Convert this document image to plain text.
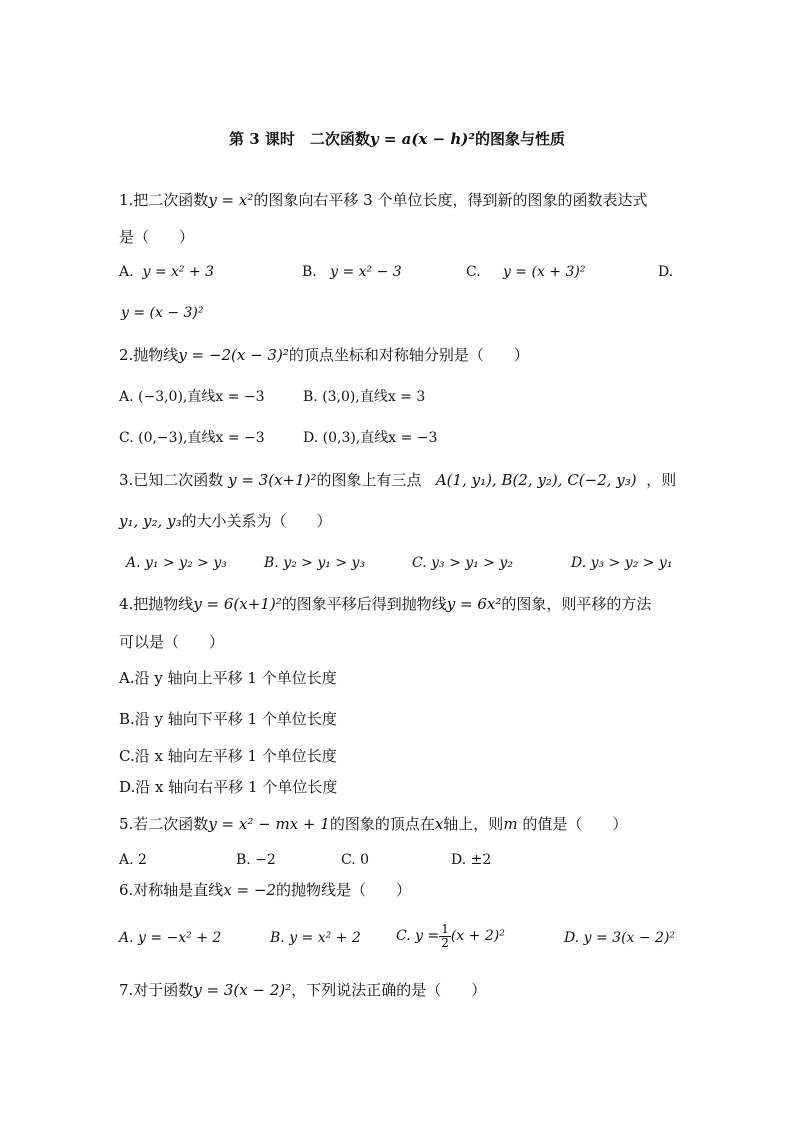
第 3 课时　二次函数y = a(x − h)²的图象与性质
1.把二次函数y = x²的图象向右平移 3 个单位长度，得到新的图象的函数表达式
是（　　）
A. y = x² + 3	B. y = x² − 3	C. y = (x + 3)²	D.
y = (x − 3)²
2.抛物线y = −2(x − 3)²的顶点坐标和对称轴分别是（　　）
A. (−3,0),直线x = −3	B. (3,0),直线x = 3
C. (0,−3),直线x = −3	D. (0,3),直线x = −3
3.已知二次函数 y = 3(x+1)²的图象上有三点 A(1, y₁), B(2, y₂), C(−2, y₃) ，则
y₁, y₂, y₃的大小关系为（　　）
A. y₁ > y₂ > y₃	B. y₂ > y₁ > y₃	C. y₃ > y₁ > y₂	D. y₃ > y₂ > y₁
4.把抛物线y = 6(x+1)²的图象平移后得到抛物线y = 6x²的图象，则平移的方法
可以是（　　）
A.沿 y 轴向上平移 1 个单位长度
B.沿 y 轴向下平移 1 个单位长度
C.沿 x 轴向左平移 1 个单位长度
D.沿 x 轴向右平移 1 个单位长度
5.若二次函数y = x² − mx + 1的图象的顶点在x轴上，则m 的值是（　　）
A. 2	B. −2	C. 0	D. ±2
6.对称轴是直线x = −2的抛物线是（　　）
A. y = −x² + 2	B. y = x² + 2	C. $y = \frac{1}{2} (x + 2)^2$	D. y = 3(x − 2)²
7.对于函数y = 3(x − 2)²，下列说法正确的是（　　）
